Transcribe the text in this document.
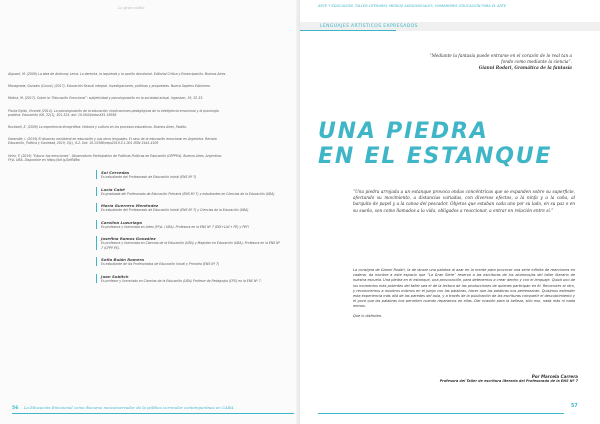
La gran niebla
Alguacil, M. (2009) La idea de Ambrosy Leiva. La derecha, la izquierda y la opción decolonial. Editorial Crítica y Emancipación. Buenos Aires.
Monagreda, Gonzalo (Coord.) (2017). Educación Sexual integral. Investigaciones, políticas y propuestas. Nueva Sapiens Ediciones.
Molina, M. (2017). Sobre la “Educación Emocional”: subjetividad y psicologización en la sociedad actual. Ingenium, 19, 22-33.
Picota Egido, Vicente (2014). La psicologización de la educación: implicaciones pedagógicas de la inteligencia emocional y la psicología positiva. Educación XXI, 22(1), 301-324. doi: 10.5944/educXX1.16958
Rockwell, E. (2009) La experiencia etnográfica: Historia y cultura en los procesos educativos. Buenos Aires, Paidós.
Saravalle, I. (2019) El discurso neoliberal en educación y sus otros lenguajes. El caso de la educación emocional en Argentina. Revista Educación, Política y Sociedad, 2019, 5(1), 8-2. Doi: 10.15366/reps2019.5.1.001 ISSN 2445-4109
Veiro, P. (2019) “Educa: tus emociones”. Observatorio Participativo de Políticas Públicas en Educación (OPPPEd). Buenos Aires, Argentina: FFyL UBA. Disponible en https://bit.ly/2kKW8w
Sol Cercedas
Es estudiante del Profesorado de Educación Inicial (ENS Nº 7)
Lucía Cabé
Es graduada del Profesorado de Educación Primaria (ENS Nº 7) y estudiantes en Ciencias de la Educación (UBA)
María Guerrero Menéndez
Es estudiante del Profesorado de Educación Inicial (ENS Nº 7) y Ciencias de la Educación (UBA)
Carolina Luzuriaga
Es profesora y licenciada en Artes (FFyL / UBA). Profesora en la ENS Nº 7 (EDI+LAC+ PE) y PEFI
Josefina Ramos González
Es profesora y licenciada en Ciencias de la Educación (UBA) y Magister en Educación (UBA). Profesora en la ENS Nº 7 (CPPP-PE).
Sofía Bulán Romero
Es estudiante de los Profesorados de Educación Inicial y Primaria (ENS Nº 7)
Juan Sobitch
Es profesor y licenciado en Ciencias de la Educación (UBA) Profesor de Pedagogía (CPS) en la ENS Nº 7.
56 La Educación Emocional como discurso neoconservador de la política curricular contemporánea en CABA
ARTE Y EDUCACIÓN, TALLER LITERARIO, MEDIOS AUDIOVISUALES, HUMANISMO, EDUCACIÓN PARA EL ARTE
LENGUAJES ARTÍSTICOS EXPRESADOS
“Mediante la fantasía puede entrarse en el corazón de lo real tan a fondo como mediante la ciencia”.
Gianni Rodari, Gramática de la fantasía
UNA PIEDRA
EN EL ESTANQUE
“Una piedra arrojada a un estanque provoca ondas concéntricas que se expanden sobre su superficie, afectando su movimiento, a distancias variadas, con diversos efectos, a la ninfa y a la caña, al barquito de papel y a la canoa del pescador. Objetos que estaban cada uno por su lado, en su paz o en su sueño, son como llamados a la vida, obligados a reaccionar, a entrar en relación entre sí.”

La consigna de Gianni Rodari, la de lanzar una palabra al azar en la mente para provocar una serie infinita de reacciones en cadena, da nombre a este espacio que “La Gran Siete” reserva a las escrituras de los alumnos/as del taller literario de nuestra escuela. Una piedra en el estanque, una provocación, para detenernos a crear dentro y con el lenguaje. Quizá uno de los momentos más potentes del taller sea el de la lectura de las producciones de quienes participan en él. Reconocer al otro, y reconocernos a nosotros mismos en el juego con las palabras, hacer que las palabras nos pertenezcan. Quisimos extender esta experiencia más allá de las paredes del aula, y a través de la publicación de las escrituras compartir el descubrimiento y el goce que las palabras nos permiten cuando reparamos en ellas. Dar ocasión para la belleza, sólo eso, nada más ni nada menos.

Que lo disfruten.

Por Marcela Carrera
Profesora del Taller de escritura literaria del Profesorado de la ENS Nº 7
57
